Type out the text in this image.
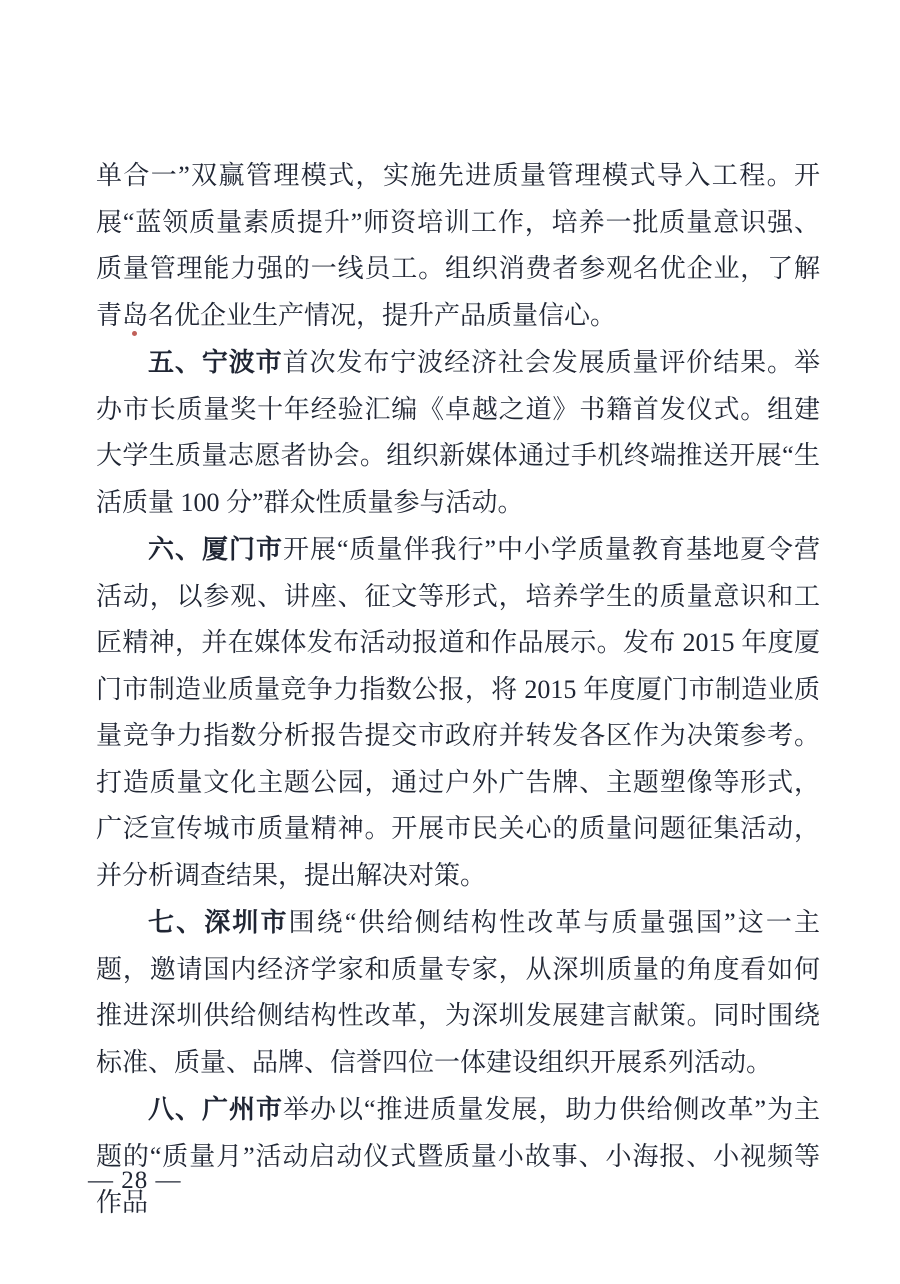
单合一”双赢管理模式，实施先进质量管理模式导入工程。开展“蓝领质量素质提升”师资培训工作，培养一批质量意识强、质量管理能力强的一线员工。组织消费者参观名优企业，了解青岛名优企业生产情况，提升产品质量信心。

五、宁波市首次发布宁波经济社会发展质量评价结果。举办市长质量奖十年经验汇编《卓越之道》书籍首发仪式。组建大学生质量志愿者协会。组织新媒体通过手机终端推送开展“生活质量 100 分”群众性质量参与活动。

六、厦门市开展“质量伴我行”中小学质量教育基地夏令营活动，以参观、讲座、征文等形式，培养学生的质量意识和工匠精神，并在媒体发布活动报道和作品展示。发布 2015 年度厦门市制造业质量竞争力指数公报，将 2015 年度厦门市制造业质量竞争力指数分析报告提交市政府并转发各区作为决策参考。打造质量文化主题公园，通过户外广告牌、主题塑像等形式，广泛宣传城市质量精神。开展市民关心的质量问题征集活动，并分析调查结果，提出解决对策。

七、深圳市围绕“供给侧结构性改革与质量强国”这一主题，邀请国内经济学家和质量专家，从深圳质量的角度看如何推进深圳供给侧结构性改革，为深圳发展建言献策。同时围绕标准、质量、品牌、信誉四位一体建设组织开展系列活动。

八、广州市举办以“推进质量发展，助力供给侧改革”为主题的“质量月”活动启动仪式暨质量小故事、小海报、小视频等作品

— 28 —
